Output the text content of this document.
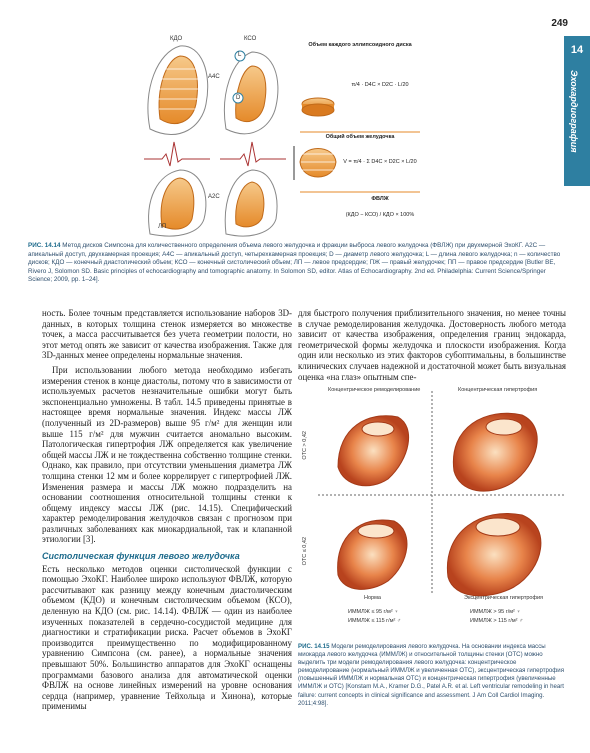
249
14
Эхокардиография
КДО	КСО
L
A4C
A2C
ЛП
D
Объем каждого эллипсоидного диска
π/4 · D4C × D2C · L/20
Общий объем желудочка
V = π/4 · Σ D4C × D2C × L/20
ФВЛЖ
(КДО − КСО) / КДО × 100%
РИС. 14.14 Метод дисков Симпсона для количественного определения объема левого желудочка и фракции выброса левого желудочка (ФВЛЖ) при двухмерной ЭхоКГ. A2C — апикальный доступ, двухкамерная проекция; A4C — апикальный доступ, четырехкамерная проекция; D — диаметр левого желудочка; L — длина левого желудочка; n — количество дисков; КДО — конечный диастолический объем; КСО — конечный систолический объем; ЛП — левое предсердие; ПЖ — правый желудочек; ПП — правое предсердие [Butler BE, Rivero J, Solomon SD. Basic principles of echocardiography and tomographic anatomy. In Solomon SD, editor. Atlas of Echocardiography. 2nd ed. Philadelphia: Current Science/Springer Science; 2009, pp. 1–24].

ность. Более точным представляется использование наборов 3D-данных, в которых толщина стенок измеряется во множестве точек, а масса рассчитывается без учета геометрии полости, но этот метод опять же зависит от качества изображения. Также для 3D-данных менее определены нормальные значения.

При использовании любого метода необходимо избегать измерения стенок в конце диастолы, потому что в зависимости от используемых расчетов незначительные ошибки могут быть экспоненциально умножены. В табл. 14.5 приведены принятые в настоящее время нормальные значения. Индекс массы ЛЖ (полученный из 2D-размеров) выше 95 г/м² для женщин или выше 115 г/м² для мужчин считается аномально высоким. Патологическая гипертрофия ЛЖ определяется как увеличение общей массы ЛЖ и не тождественна собственно толщине стенки. Однако, как правило, при отсутствии уменьшения диаметра ЛЖ толщина стенки 12 мм и более коррелирует с гипертрофией ЛЖ. Изменения размера и массы ЛЖ можно подразделить на основании соотношения относительной толщины стенки к общему индексу массы ЛЖ (рис. 14.15). Специфический характер ремоделирования желудочков связан с прогнозом при различных заболеваниях как миокардиальной, так и клапанной этиологии [3].

Систолическая функция левого желудочка

Есть несколько методов оценки систолической функции с помощью ЭхоКГ. Наиболее широко используют ФВЛЖ, которую рассчитывают как разницу между конечным диастолическим объемом (КДО) и конечным систолическим объемом (КСО), деленную на КДО (см. рис. 14.14). ФВЛЖ — один из наиболее изученных показателей в сердечно-сосудистой медицине для диагностики и стратификации риска. Расчет объемов в ЭхоКГ производится преимущественно по модифицированному уравнению Симпсона (см. ранее), а нормальные значения превышают 50%. Большинство аппаратов для ЭхоКГ оснащены программами базового анализа для автоматической оценки ФВЛЖ на основе линейных измерений на уровне основания сердца (например, уравнение Тейхольца и Хинона), которые применимы

для быстрого получения приблизительного значения, но менее точны в случае ремоделирования желудочка. Достоверность любого метода зависит от качества изображения, определения границ эндокарда, геометрической формы желудочка и плоскости изображения. Когда один или несколько из этих факторов субоптимальны, в большинстве клинических случаев надежной и достаточной может быть визуальная оценка «на глаз» опытным спе-

Концентрическое ремоделирование	Концентрическая гипертрофия
Норма	Эксцентрическая гипертрофия
ОТС > 0,42
ОТС ≤ 0,42
ИММЛЖ ≤ 95 г/м² ♀
ИММЛЖ ≤ 115 г/м² ♂
ИММЛЖ > 95 г/м² ♀
ИММЛЖ > 115 г/м² ♂
РИС. 14.15 Модели ремоделирования левого желудочка. На основании индекса массы миокарда левого желудочка (ИММЛЖ) и относительной толщины стенки (ОТС) можно выделить три модели ремоделирования левого желудочка: концентрическое ремоделирование (нормальный ИММЛЖ и увеличенная ОТС), эксцентрическая гипертрофия (повышенный ИММЛЖ и нормальная ОТС) и концентрическая гипертрофия (увеличенные ИММЛЖ и ОТС) [Konstam M.A., Kramer D.G., Patel A.R. et al. Left ventricular remodeling in heart failure: current concepts in clinical significance and assessment. J Am Coll Cardiol Imaging. 2011;4:98].
